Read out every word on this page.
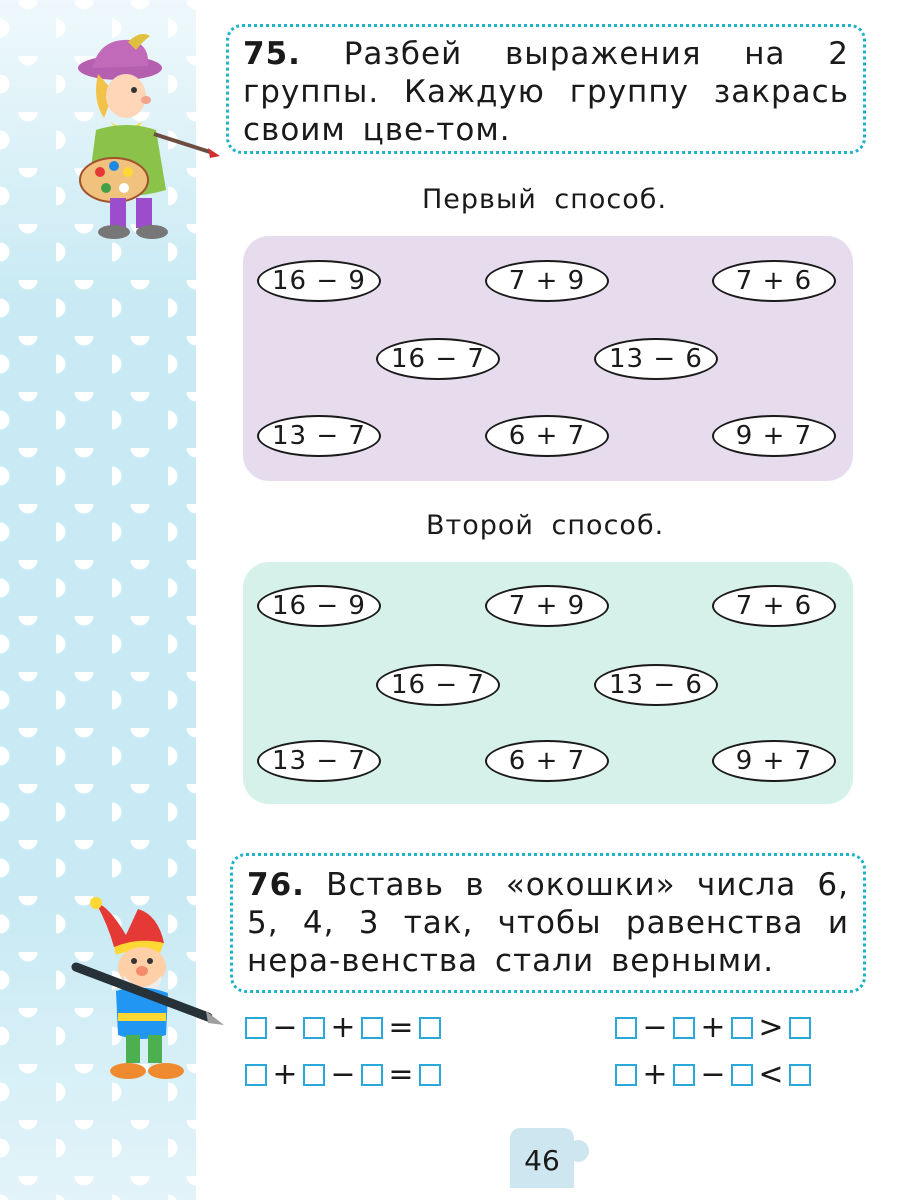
75. Разбей выражения на 2 группы. Каждую группу закрась своим цве-том.
Первый способ.
16 − 9	7 + 9	7 + 6
16 − 7	13 − 6
13 − 7	6 + 7	9 + 7
Второй способ.
16 − 9	7 + 9	7 + 6
16 − 7	13 − 6
13 − 7	6 + 7	9 + 7
76. Вставь в «окошки» числа 6, 5, 4, 3 так, чтобы равенства и нера-венства стали верными.
− + =
+ − =
− + >
+ − <
46
